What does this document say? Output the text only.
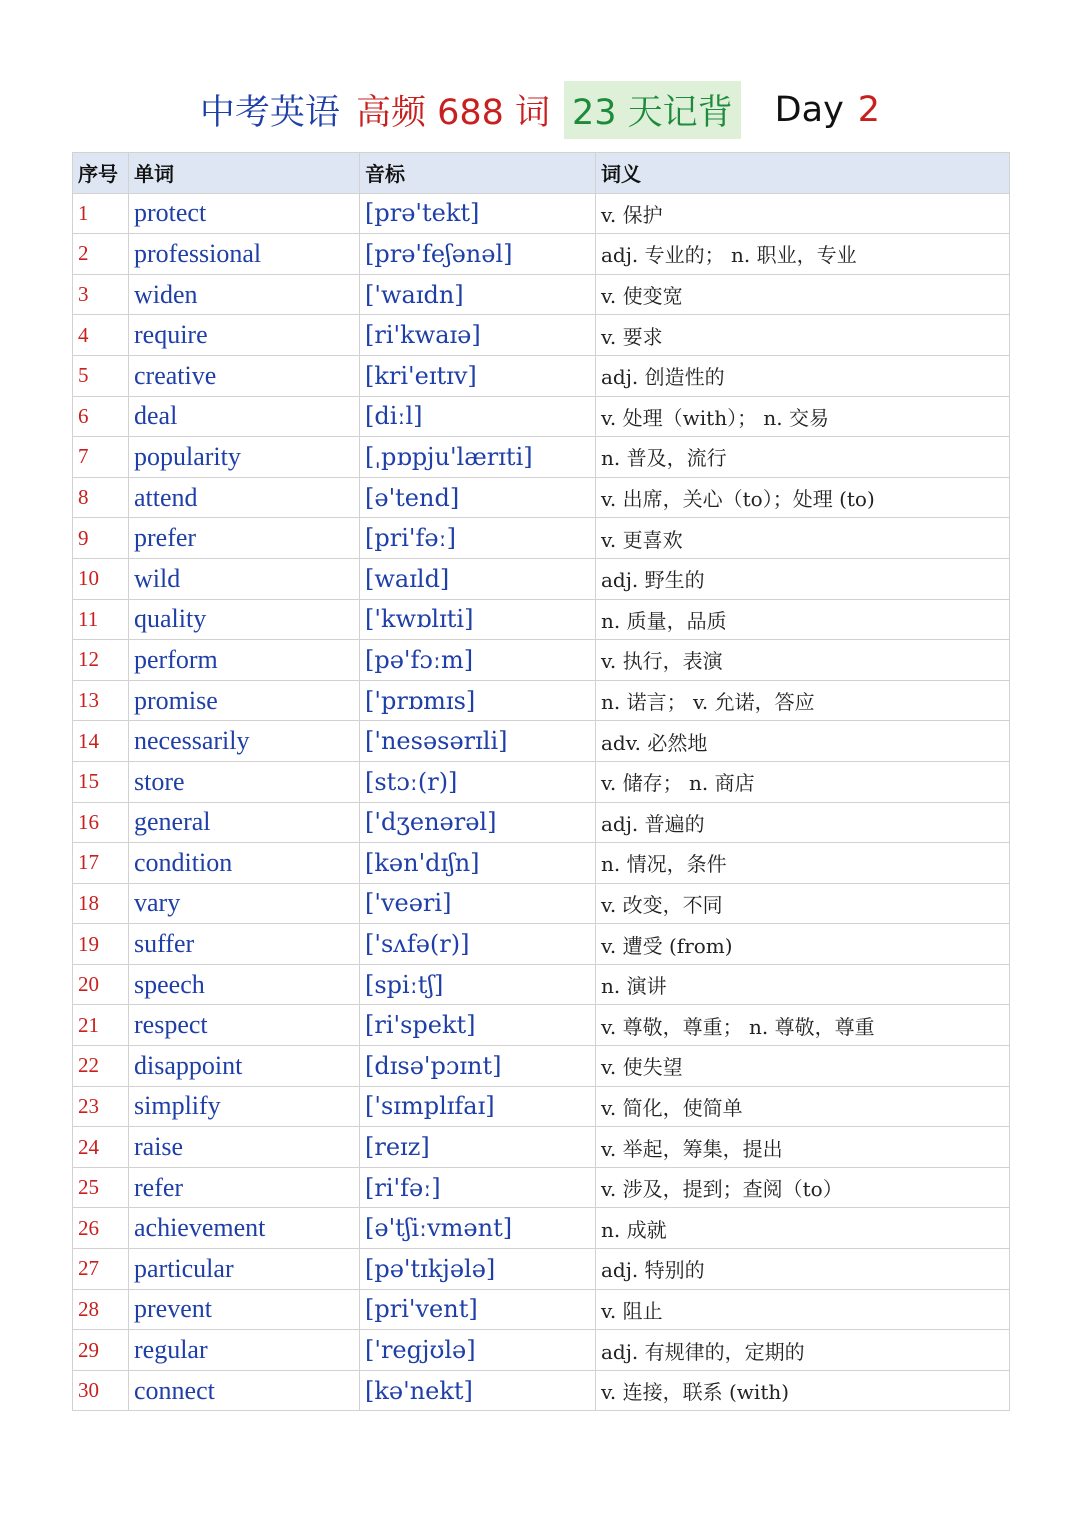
中考英语 高频 688 词 23 天记背 Day 2
序号	单词	音标	词义
1	protect	[prə'tekt]	v. 保护
2	professional	[prə'feʃənəl]	adj. 专业的； n. 职业，专业
3	widen	['waɪdn]	v. 使变宽
4	require	[ri'kwaɪə]	v. 要求
5	creative	[kri'eɪtɪv]	adj. 创造性的
6	deal	[diːl]	v. 处理（with）； n. 交易
7	popularity	[ˌpɒpju'lærɪti]	n. 普及，流行
8	attend	[ə'tend]	v. 出席，关心（to）；处理 (to)
9	prefer	[pri'fəː]	v. 更喜欢
10	wild	[waɪld]	adj. 野生的
11	quality	['kwɒlɪti]	n. 质量，品质
12	perform	[pə'fɔːm]	v. 执行，表演
13	promise	['prɒmɪs]	n. 诺言； v. 允诺，答应
14	necessarily	['nesəsərɪli]	adv. 必然地
15	store	[stɔː(r)]	v. 储存； n. 商店
16	general	['dʒenərəl]	adj. 普遍的
17	condition	[kən'dɪʃn]	n. 情况，条件
18	vary	['veəri]	v. 改变，不同
19	suffer	['sʌfə(r)]	v. 遭受 (from)
20	speech	[spiːtʃ]	n. 演讲
21	respect	[ri'spekt]	v. 尊敬，尊重； n. 尊敬，尊重
22	disappoint	[dɪsə'pɔɪnt]	v. 使失望
23	simplify	['sɪmplɪfaɪ]	v. 简化，使简单
24	raise	[reɪz]	v. 举起，筹集，提出
25	refer	[ri'fəː]	v. 涉及，提到；查阅（to）
26	achievement	[ə'tʃiːvmənt]	n. 成就
27	particular	[pə'tɪkjələ]	adj. 特别的
28	prevent	[pri'vent]	v. 阻止
29	regular	['regjʊlə]	adj. 有规律的，定期的
30	connect	[kə'nekt]	v. 连接，联系 (with)
